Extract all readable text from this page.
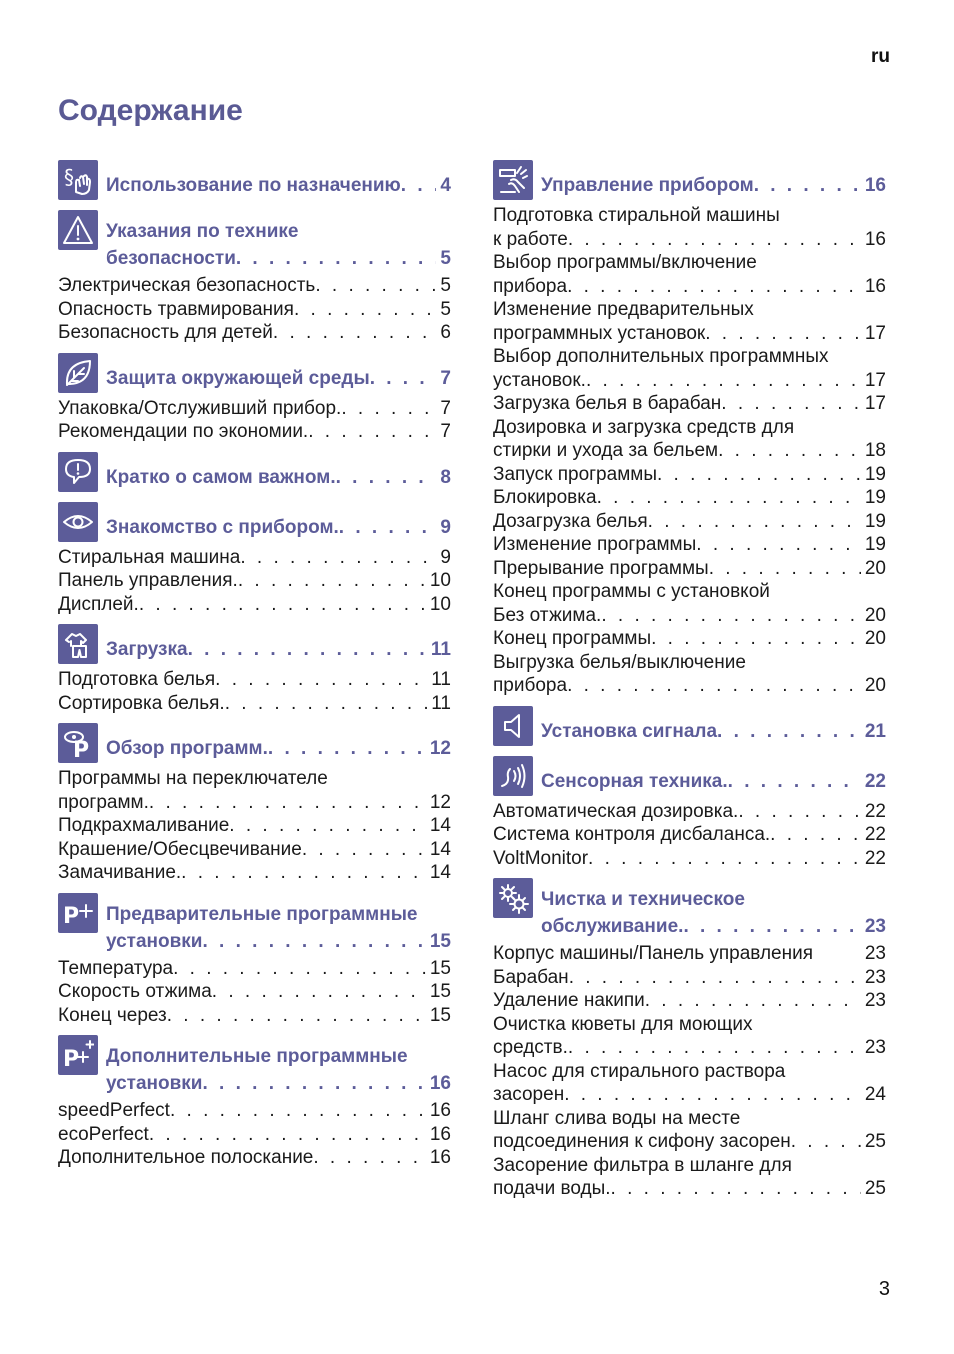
ru
Содержание
§ Использование по назначению . . . 4
Указания по технике
безопасности . . .	5
Электрическая безопасность . . .	5
Опасность травмирования . . .	5
Безопасность для детей . . .	6
Защита окружающей среды . . .	7
Упаковка/Отслуживший прибор. . . .	7
Рекомендации по экономии. . . .	7
Кратко о самом важном. . . .	8
Знакомство с прибором. . . .	9
Стиральная машина . . .	9
Панель управления. . . .	10
Дисплей. . . .	10
Загрузка . . .	11
Подготовка белья . . .	11
Сортировка белья. . . .	11
P Обзор программ. . . .	12
Программы на переключателе
программ. . . .	12
Подкрахмаливание . . .	14
Крашение/Обесцвечивание . . .	14
Замачивание. . . .	14
P Предварительные программные
установки . . .	15
Температура . . .	15
Скорость отжима . . .	15
Конец через . . .	15
P Дополнительные программные
установки . . .	16
speedPerfect . . .	16
ecoPerfect . . .	16
Дополнительное полоскание . . .	16
Управление прибором . . .	16
Подготовка стиральной машины
к работе . . .	16
Выбор программы/включение
прибора . . .	16
Изменение предварительных
программных установок . . .	17
Выбор дополнительных программных
установок. . . .	17
Загрузка белья в барабан . . .	17
Дозировка и загрузка средств для
стирки и ухода за бельем . . .	18
Запуск программы . . .	19
Блокировка . . .	19
Дозагрузка белья . . .	19
Изменение программы . . .	19
Прерывание программы . . .	20
Конец программы с установкой
Без отжима. . . .	20
Конец программы . . .	20
Выгрузка белья/выключение
прибора . . .	20
Установка сигнала . . .	21
Сенсорная техника. . . .	22
Автоматическая дозировка. . . .	22
Система контроля дисбаланса. . . .	22
VoltMonitor . . .	22
Чистка и техническое
обслуживание. . . .	23
Корпус машины/Панель управления	23
Барабан . . .	23
Удаление накипи . . .	23
Очистка кюветы для моющих
средств. . . .	23
Насос для стирального раствора
засорен . . .	24
Шланг слива воды на месте
подсоединения к сифону засорен . . .	25
Засорение фильтра в шланге для
подачи воды. . . .	25
3
